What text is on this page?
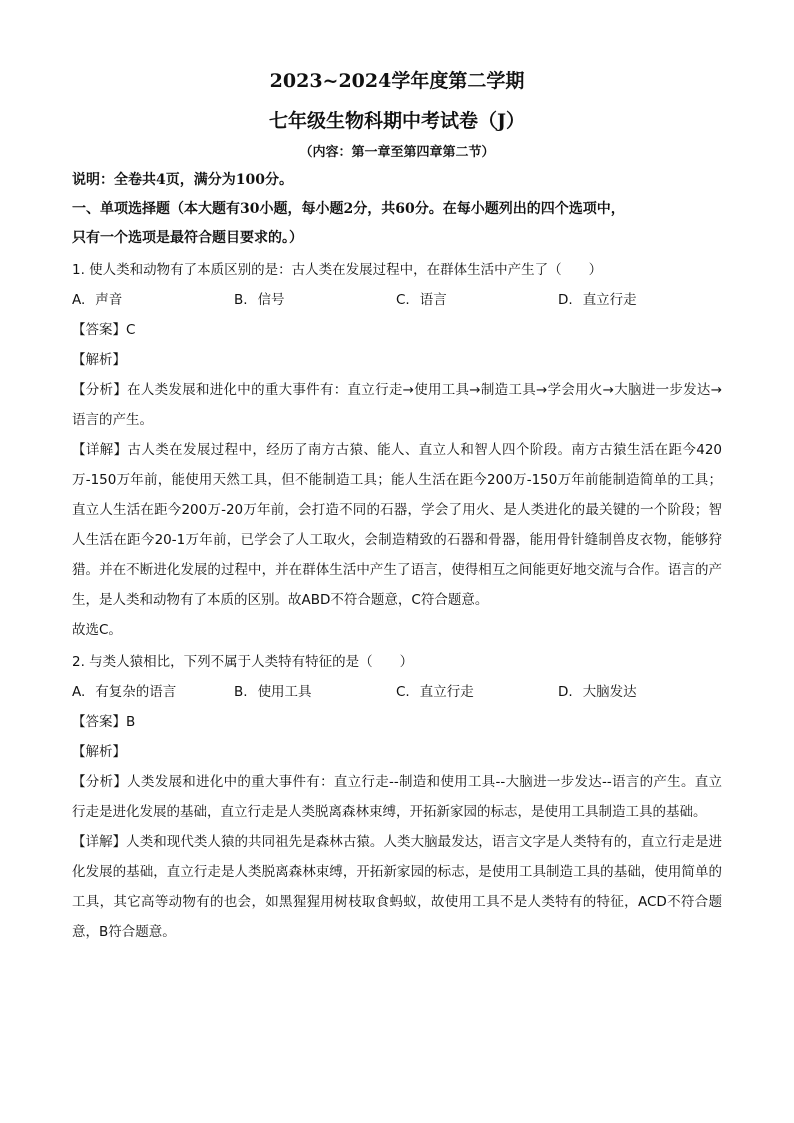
2023~2024学年度第二学期
七年级生物科期中考试卷（J）
（内容：第一章至第四章第二节）
说明：全卷共4页，满分为100分。
一、单项选择题（本大题有30小题，每小题2分，共60分。在每小题列出的四个选项中，
只有一个选项是最符合题目要求的。）
1. 使人类和动物有了本质区别的是：古人类在发展过程中，在群体生活中产生了（　　）
A. 声音	B. 信号	C. 语言	D. 直立行走
【答案】C
【解析】
【分析】在人类发展和进化中的重大事件有：直立行走→使用工具→制造工具→学会用火→大脑进一步发达→语言的产生。
【详解】古人类在发展过程中，经历了南方古猿、能人、直立人和智人四个阶段。南方古猿生活在距今420万-150万年前，能使用天然工具，但不能制造工具；能人生活在距今200万-150万年前能制造简单的工具；直立人生活在距今200万-20万年前，会打造不同的石器，学会了用火、是人类进化的最关键的一个阶段；智人生活在距今20-1万年前，已学会了人工取火，会制造精致的石器和骨器，能用骨针缝制兽皮衣物，能够狩猎。并在不断进化发展的过程中，并在群体生活中产生了语言，使得相互之间能更好地交流与合作。语言的产生，是人类和动物有了本质的区别。故ABD不符合题意，C符合题意。
故选C。
2. 与类人猿相比，下列不属于人类特有特征的是（　　）
A. 有复杂的语言	B. 使用工具	C. 直立行走	D. 大脑发达
【答案】B
【解析】
【分析】人类发展和进化中的重大事件有：直立行走--制造和使用工具--大脑进一步发达--语言的产生。直立行走是进化发展的基础，直立行走是人类脱离森林束缚，开拓新家园的标志，是使用工具制造工具的基础。
【详解】人类和现代类人猿的共同祖先是森林古猿。人类大脑最发达，语言文字是人类特有的，直立行走是进化发展的基础，直立行走是人类脱离森林束缚，开拓新家园的标志，是使用工具制造工具的基础，使用简单的工具，其它高等动物有的也会，如黑猩猩用树枝取食蚂蚁，故使用工具不是人类特有的特征，ACD不符合题意，B符合题意。
